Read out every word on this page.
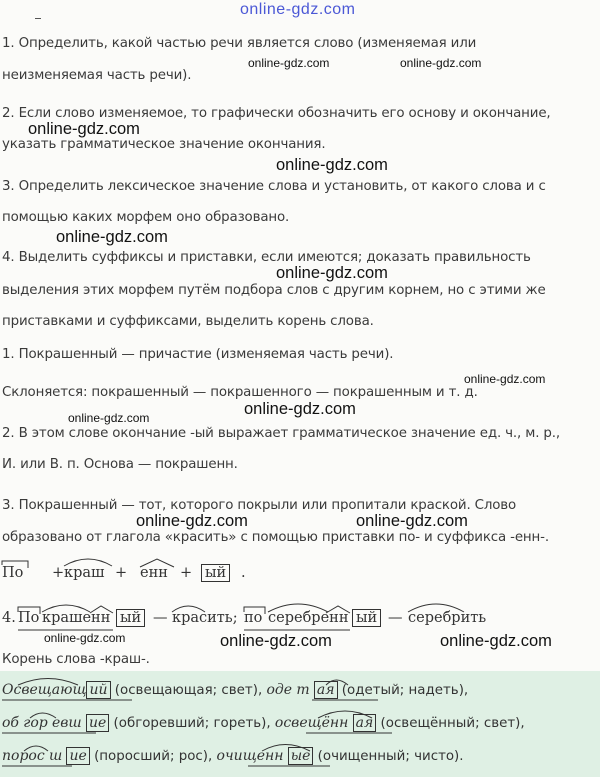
online-gdz.com
1. Определить, какой частью речи является слово (изменяемая или
неизменяемая часть речи).
2. Если слово изменяемое, то графически обозначить его основу и окончание,
указать грамматическое значение окончания.
3. Определить лексическое значение слова и установить, от какого слова и с
помощью каких морфем оно образовано.
4. Выделить суффиксы и приставки, если имеются; доказать правильность
выделения этих морфем путём подбора слов с другим корнем, но с этими же
приставками и суффиксами, выделить корень слова.
1. Покрашенный — причастие (изменяемая часть речи).
Склоняется: покрашенный — покрашенного — покрашенным и т. д.
2. В этом слове окончание -ый выражает грамматическое значение ед. ч., м. р.,
И. или В. п. Основа — покрашенн.
3. Покрашенный — тот, которого покрыли или пропитали краской. Слово
образовано от глагола «красить» с помощью приставки по- и суффикса -енн-.
По + краш + енн + ый .
4. По крашенн ый — красить; по серебренн ый — серебрить
Корень слова -краш-.
Освещающ ий (освещающая; свет), оде т ая (одетый; надеть),
об гор евш ие (обгоревший; гореть), освещённ ая (освещённый; свет),
порос ш ие (поросший; рос), очищенн ые (очищенный; чисто).
online-gdz.com	online-gdz.com
online-gdz.com
online-gdz.com
online-gdz.com
online-gdz.com
online-gdz.com
online-gdz.com
online-gdz.com
online-gdz.com	online-gdz.com
online-gdz.com	online-gdz.com	online-gdz.com
